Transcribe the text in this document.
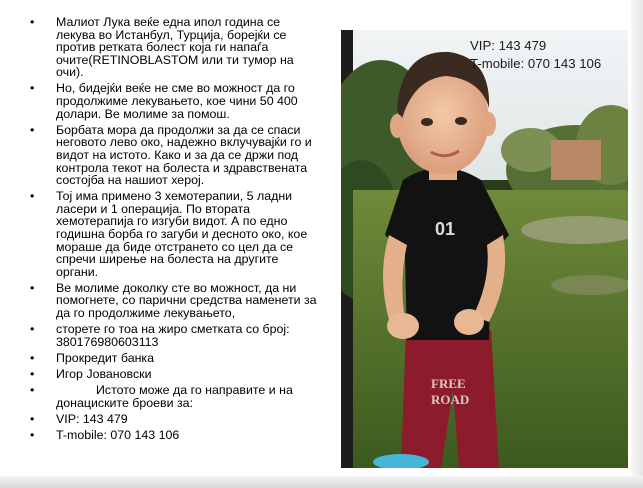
• Малиот Лука веќе една ипол година се лекува во Истанбул, Турција, борејќи се против ретката болест која ги напаѓа очите(RETINOBLASTOM или ти тумор на очи).
• Но, бидејќи веќе не сме во можност да го продолжиме лекувањето, кое чини 50 400 долари. Ве молиме за помош.
• Борбата мора да продолжи за да се спаси неговото лево око, надежно вклучувајќи го и видот на истото. Како и за да се држи под контрола текот на болеста и здравствената состојба на нашиот херој.
• Тој има примено 3 хемотерапии, 5 ладни ласери и 1 операција. По вторатa хемотерапија го изгуби видот. А по едно годишна борба го загуби и десното око, кое мораше да биде отстрането со цел да се спречи ширење на болеста на другите органи.
• Ве молиме доколку сте во можност, да ни помогнете, со парични средства наменети за да го продолжиме лекувањето,
• сторете го тоа на жиро сметката со број: 380176980603113
• Прокредит банка
• Игор Јовановски
• Истото може да го направите и на донациските броеви за:
• VIP: 143 479
• T-mobile: 070 143 106
01
FREE
ROAD
VIP: 143 479
T-mobile: 070 143 106
